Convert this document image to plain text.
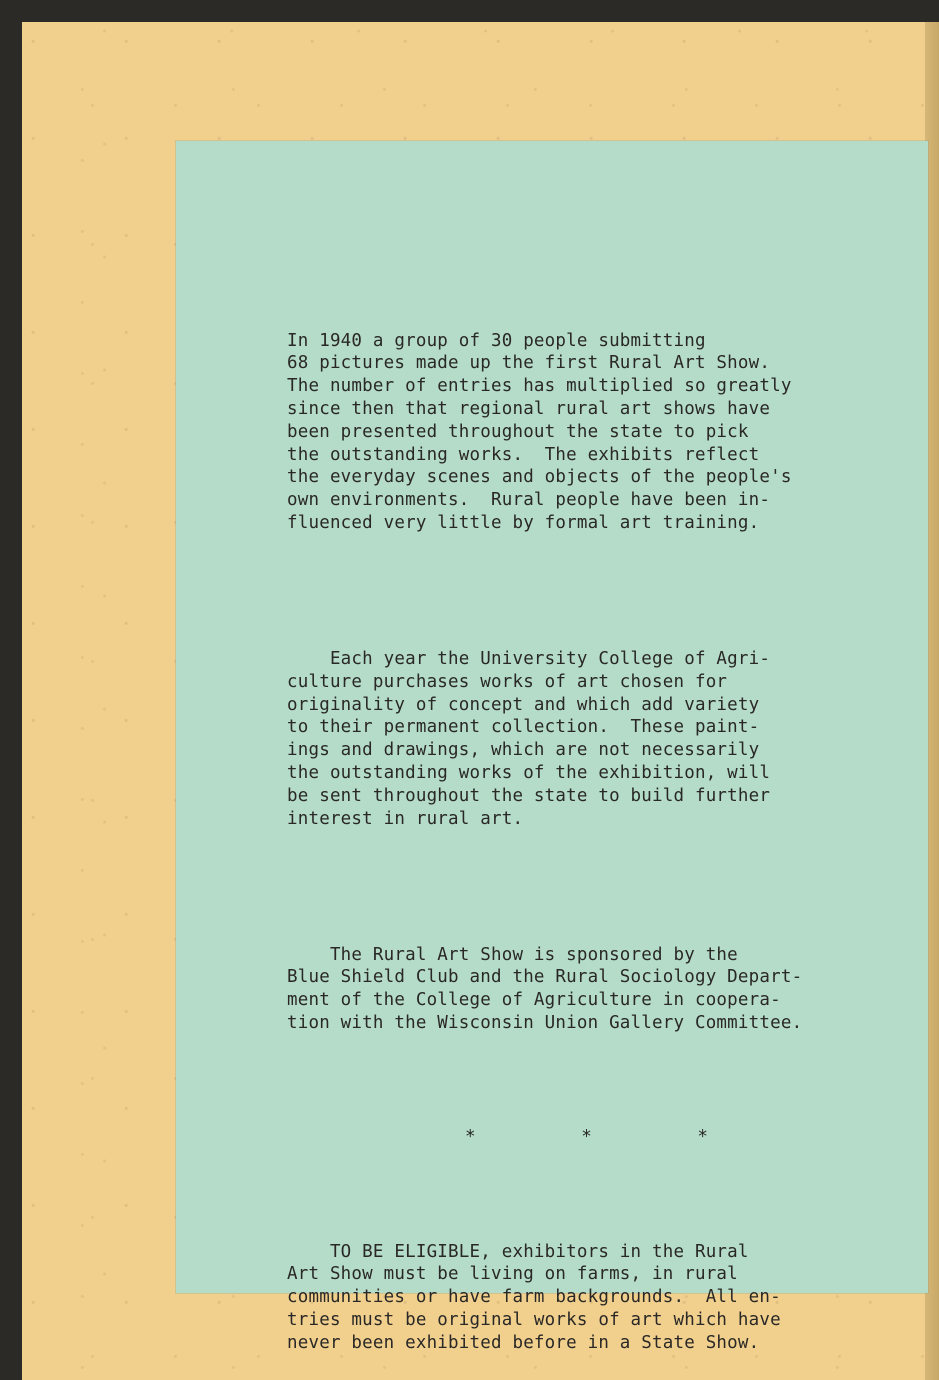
In 1940 a group of 30 people submitting
68 pictures made up the first Rural Art Show.
The number of entries has multiplied so greatly
since then that regional rural art shows have
been presented throughout the state to pick
the outstanding works.  The exhibits reflect
the everyday scenes and objects of the people's
own environments.  Rural people have been in-
fluenced very little by formal art training.

Each year the University College of Agri-
culture purchases works of art chosen for
originality of concept and which add variety
to their permanent collection.  These paint-
ings and drawings, which are not necessarily
the outstanding works of the exhibition, will
be sent throughout the state to build further
interest in rural art.

The Rural Art Show is sponsored by the
Blue Shield Club and the Rural Sociology Depart-
ment of the College of Agriculture in coopera-
tion with the Wisconsin Union Gallery Committee.

*  *  *

TO BE ELIGIBLE, exhibitors in the Rural
Art Show must be living on farms, in rural
communities or have farm backgrounds.  All en-
tries must be original works of art which have
never been exhibited before in a State Show.
